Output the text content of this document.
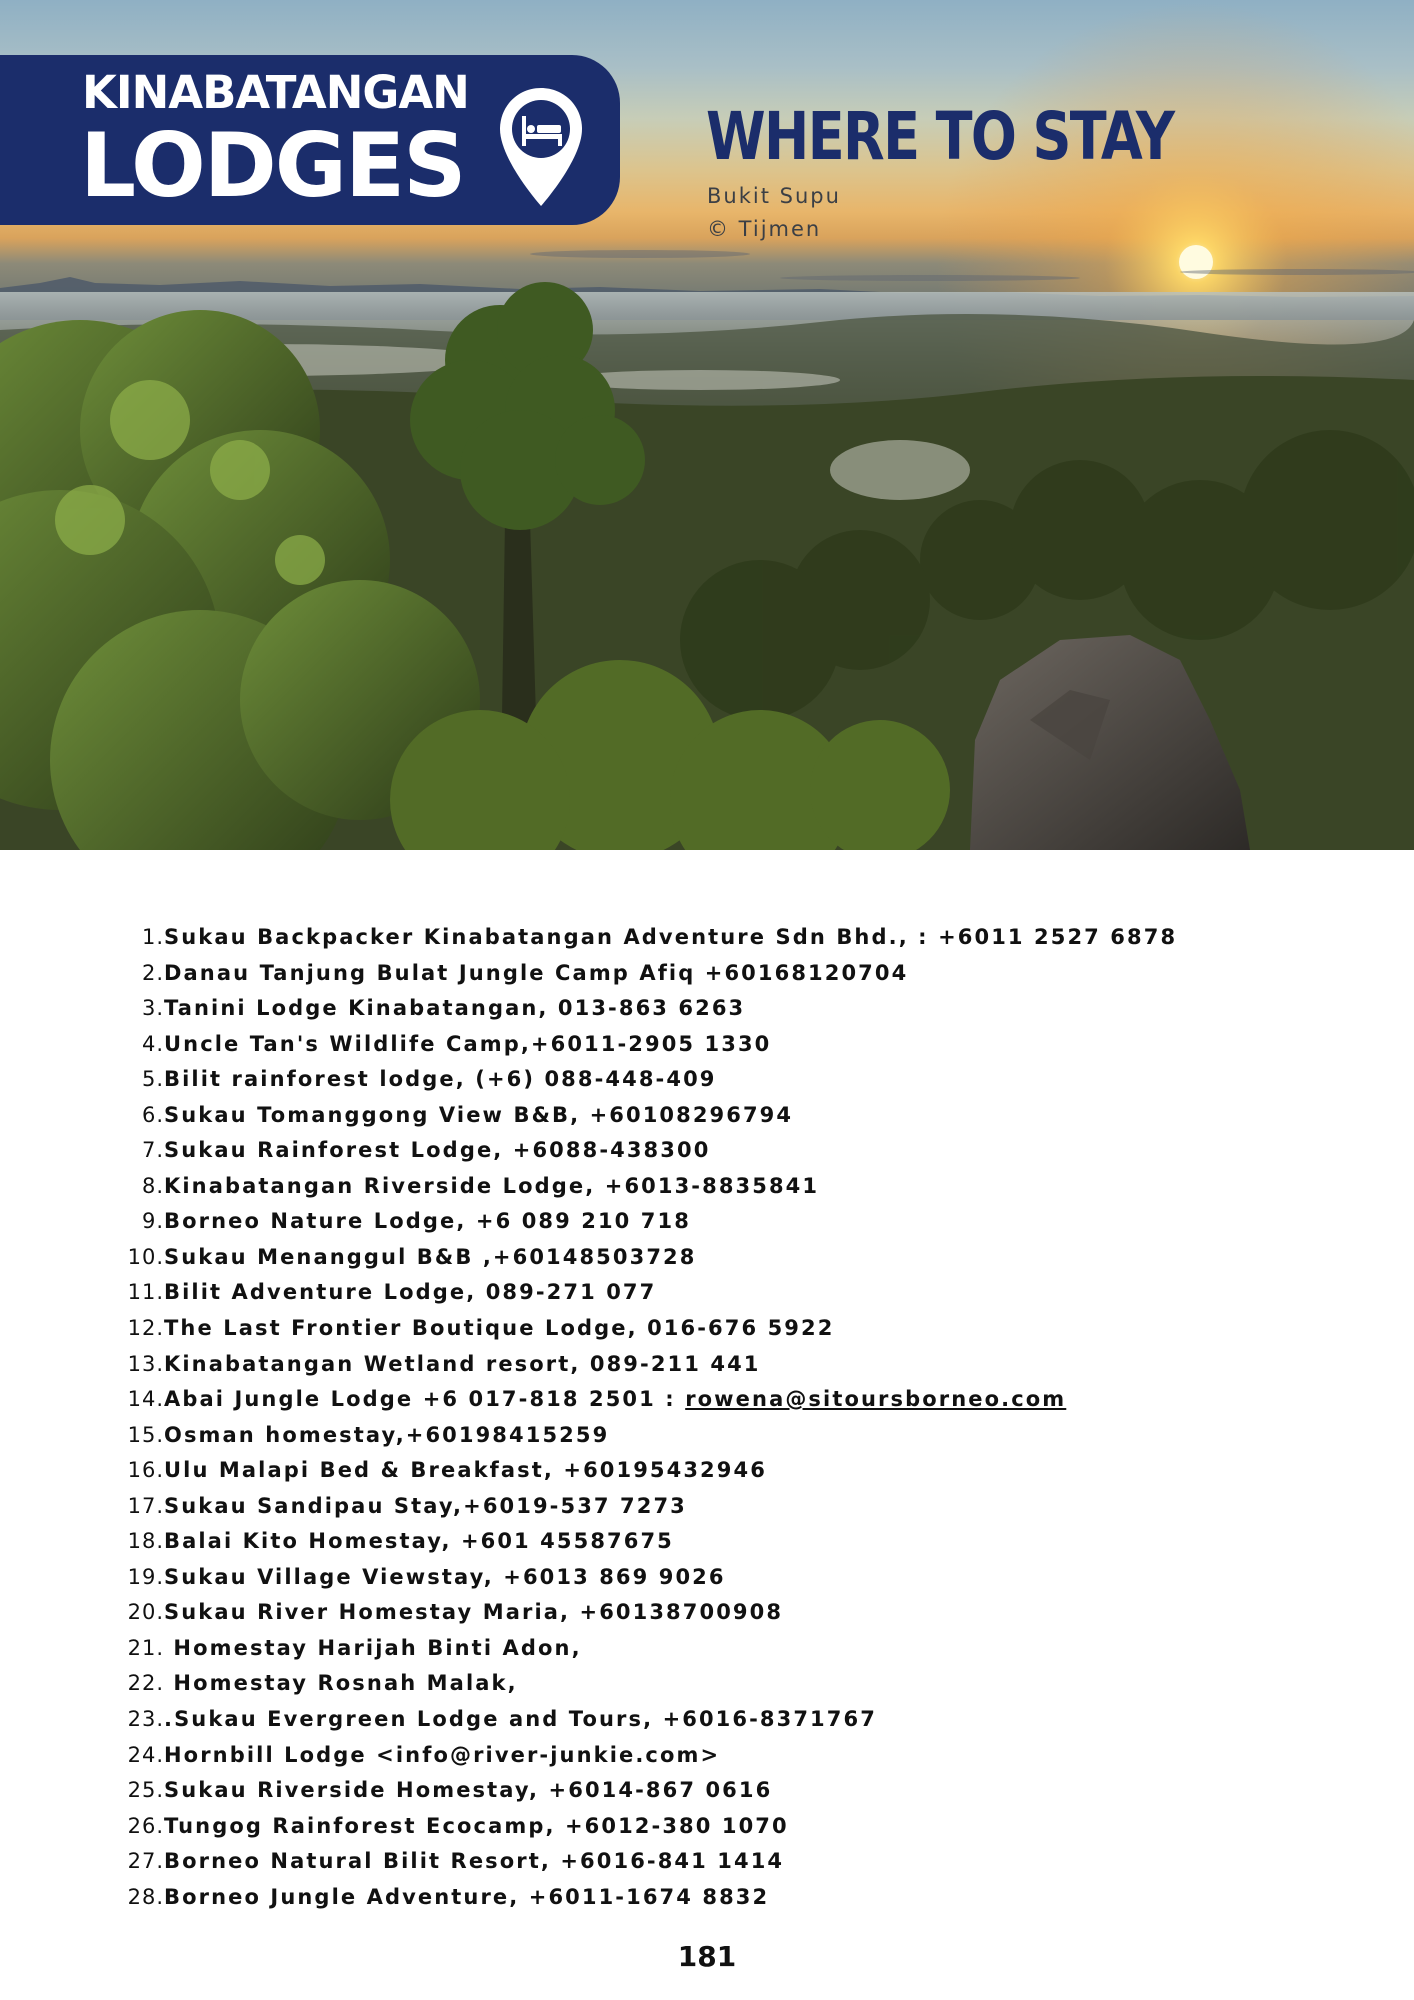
KINABATANGAN
LODGES	WHERE TO STAY
Bukit Supu
© Tijmen
1.Sukau Backpacker Kinabatangan Adventure Sdn Bhd., : +6011 2527 6878
2.Danau Tanjung Bulat Jungle Camp Afiq +60168120704
3.Tanini Lodge Kinabatangan, 013-863 6263
4.Uncle Tan's Wildlife Camp,+6011-2905 1330
5.Bilit rainforest lodge, (+6) 088-448-409
6.Sukau Tomanggong View B&B, +60108296794
7.Sukau Rainforest Lodge, +6088-438300
8.Kinabatangan Riverside Lodge, +6013-8835841
9.Borneo Nature Lodge, +6 089 210 718
10.Sukau Menanggul B&B ,+60148503728
11.Bilit Adventure Lodge, 089-271 077
12.The Last Frontier Boutique Lodge, 016-676 5922
13.Kinabatangan Wetland resort, 089-211 441
14.Abai Jungle Lodge +6 017-818 2501 : rowena@sitoursborneo.com
15.Osman homestay,+60198415259
16.Ulu Malapi Bed & Breakfast, +60195432946
17.Sukau Sandipau Stay,+6019-537 7273
18.Balai Kito Homestay, +601 45587675
19.Sukau Village Viewstay, +6013 869 9026
20.Sukau River Homestay Maria, +60138700908
21. Homestay Harijah Binti Adon,
22. Homestay Rosnah Malak,
23..Sukau Evergreen Lodge and Tours, +6016-8371767
24.Hornbill Lodge <info@river-junkie.com>
25.Sukau Riverside Homestay, +6014-867 0616
26.Tungog Rainforest Ecocamp, +6012-380 1070
27.Borneo Natural Bilit Resort, +6016-841 1414
28.Borneo Jungle Adventure, +6011-1674 8832
181
